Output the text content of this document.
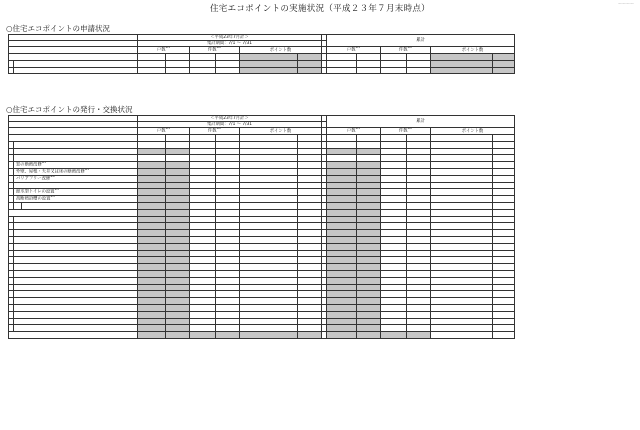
～～～～
住宅エコポイントの実施状況（平成２３年７月末時点）
○住宅エコポイントの申請状況
		＜平成23年7月計＞							累計					
		集計期間：7/1 ～ 7/31												
		戸数$^{※1}$		件数$^{※2}$		ポイント数			戸数$^{※1}$		件数$^{※2}$		ポイント数	

○住宅エコポイントの発行・交換状況
			＜平成23年7月計＞							累計					
			集計期間：7/1 ～ 7/31												
			戸数$^{※1}$		件数$^{※2}$		ポイント数			戸数$^{※1}$		件数$^{※2}$		ポイント数	

	窓の断熱改修$^{※3}$													
	外壁、屋根・天井又は床の断熱改修$^{※3}$													
	バリアフリー改修$^{※4}$													

	節水型トイレの設置$^{※5}$													
	高断熱浴槽の設置$^{※5}$													
